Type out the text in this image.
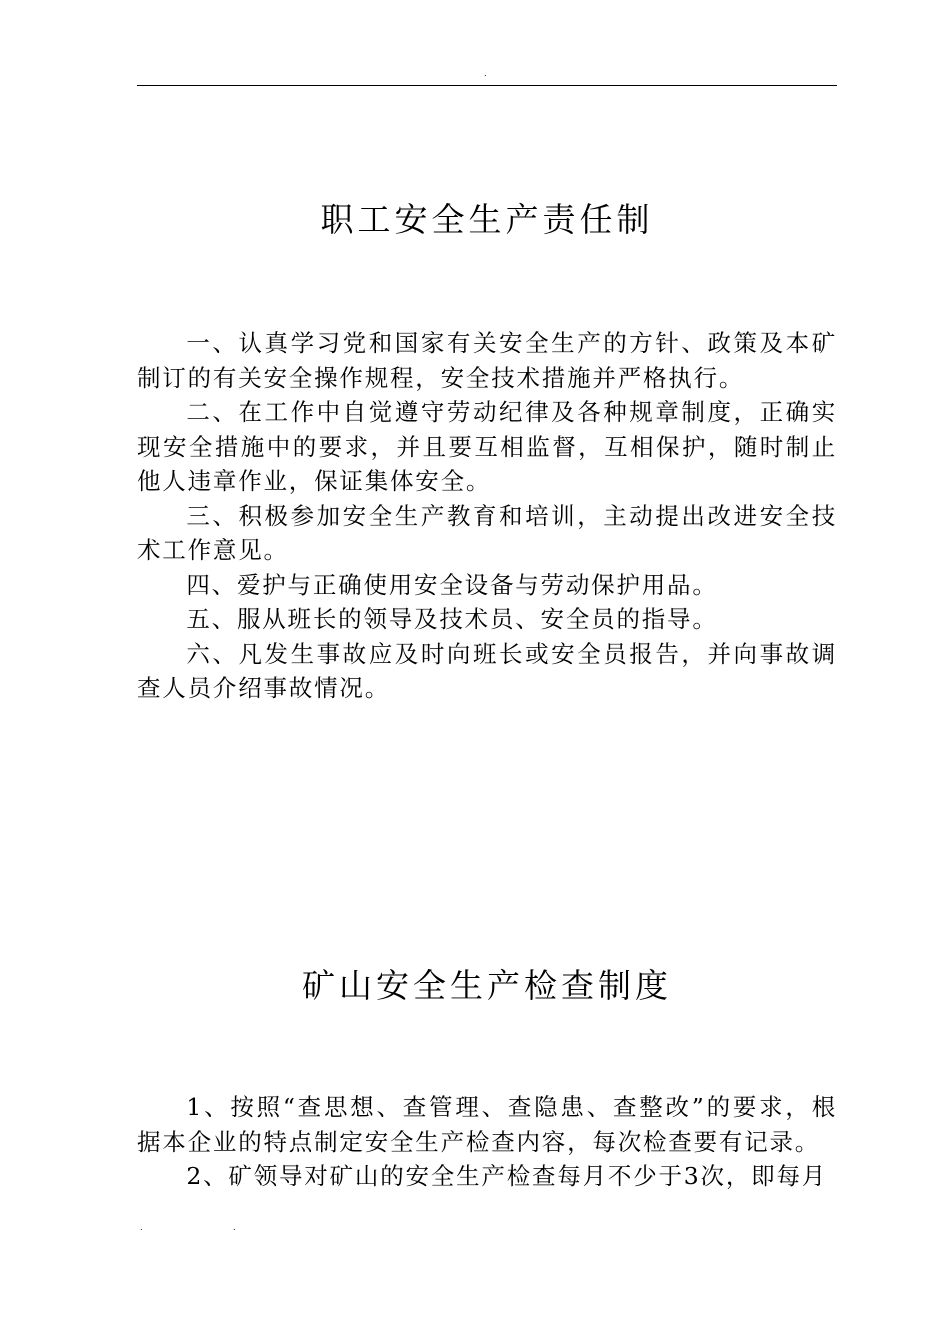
.
职工安全生产责任制

一、认真学习党和国家有关安全生产的方针、政策及本矿制订的有关安全操作规程，安全技术措施并严格执行。

二、在工作中自觉遵守劳动纪律及各种规章制度，正确实现安全措施中的要求，并且要互相监督，互相保护，随时制止他人违章作业，保证集体安全。

三、积极参加安全生产教育和培训，主动提出改进安全技术工作意见。

四、爱护与正确使用安全设备与劳动保护用品。

五、服从班长的领导及技术员、安全员的指导。

六、凡发生事故应及时向班长或安全员报告，并向事故调查人员介绍事故情况。

矿山安全生产检查制度

1、按照“查思想、查管理、查隐患、查整改”的要求，根据本企业的特点制定安全生产检查内容，每次检查要有记录。

2、矿领导对矿山的安全生产检查每月不少于3次，即每月

.	.
